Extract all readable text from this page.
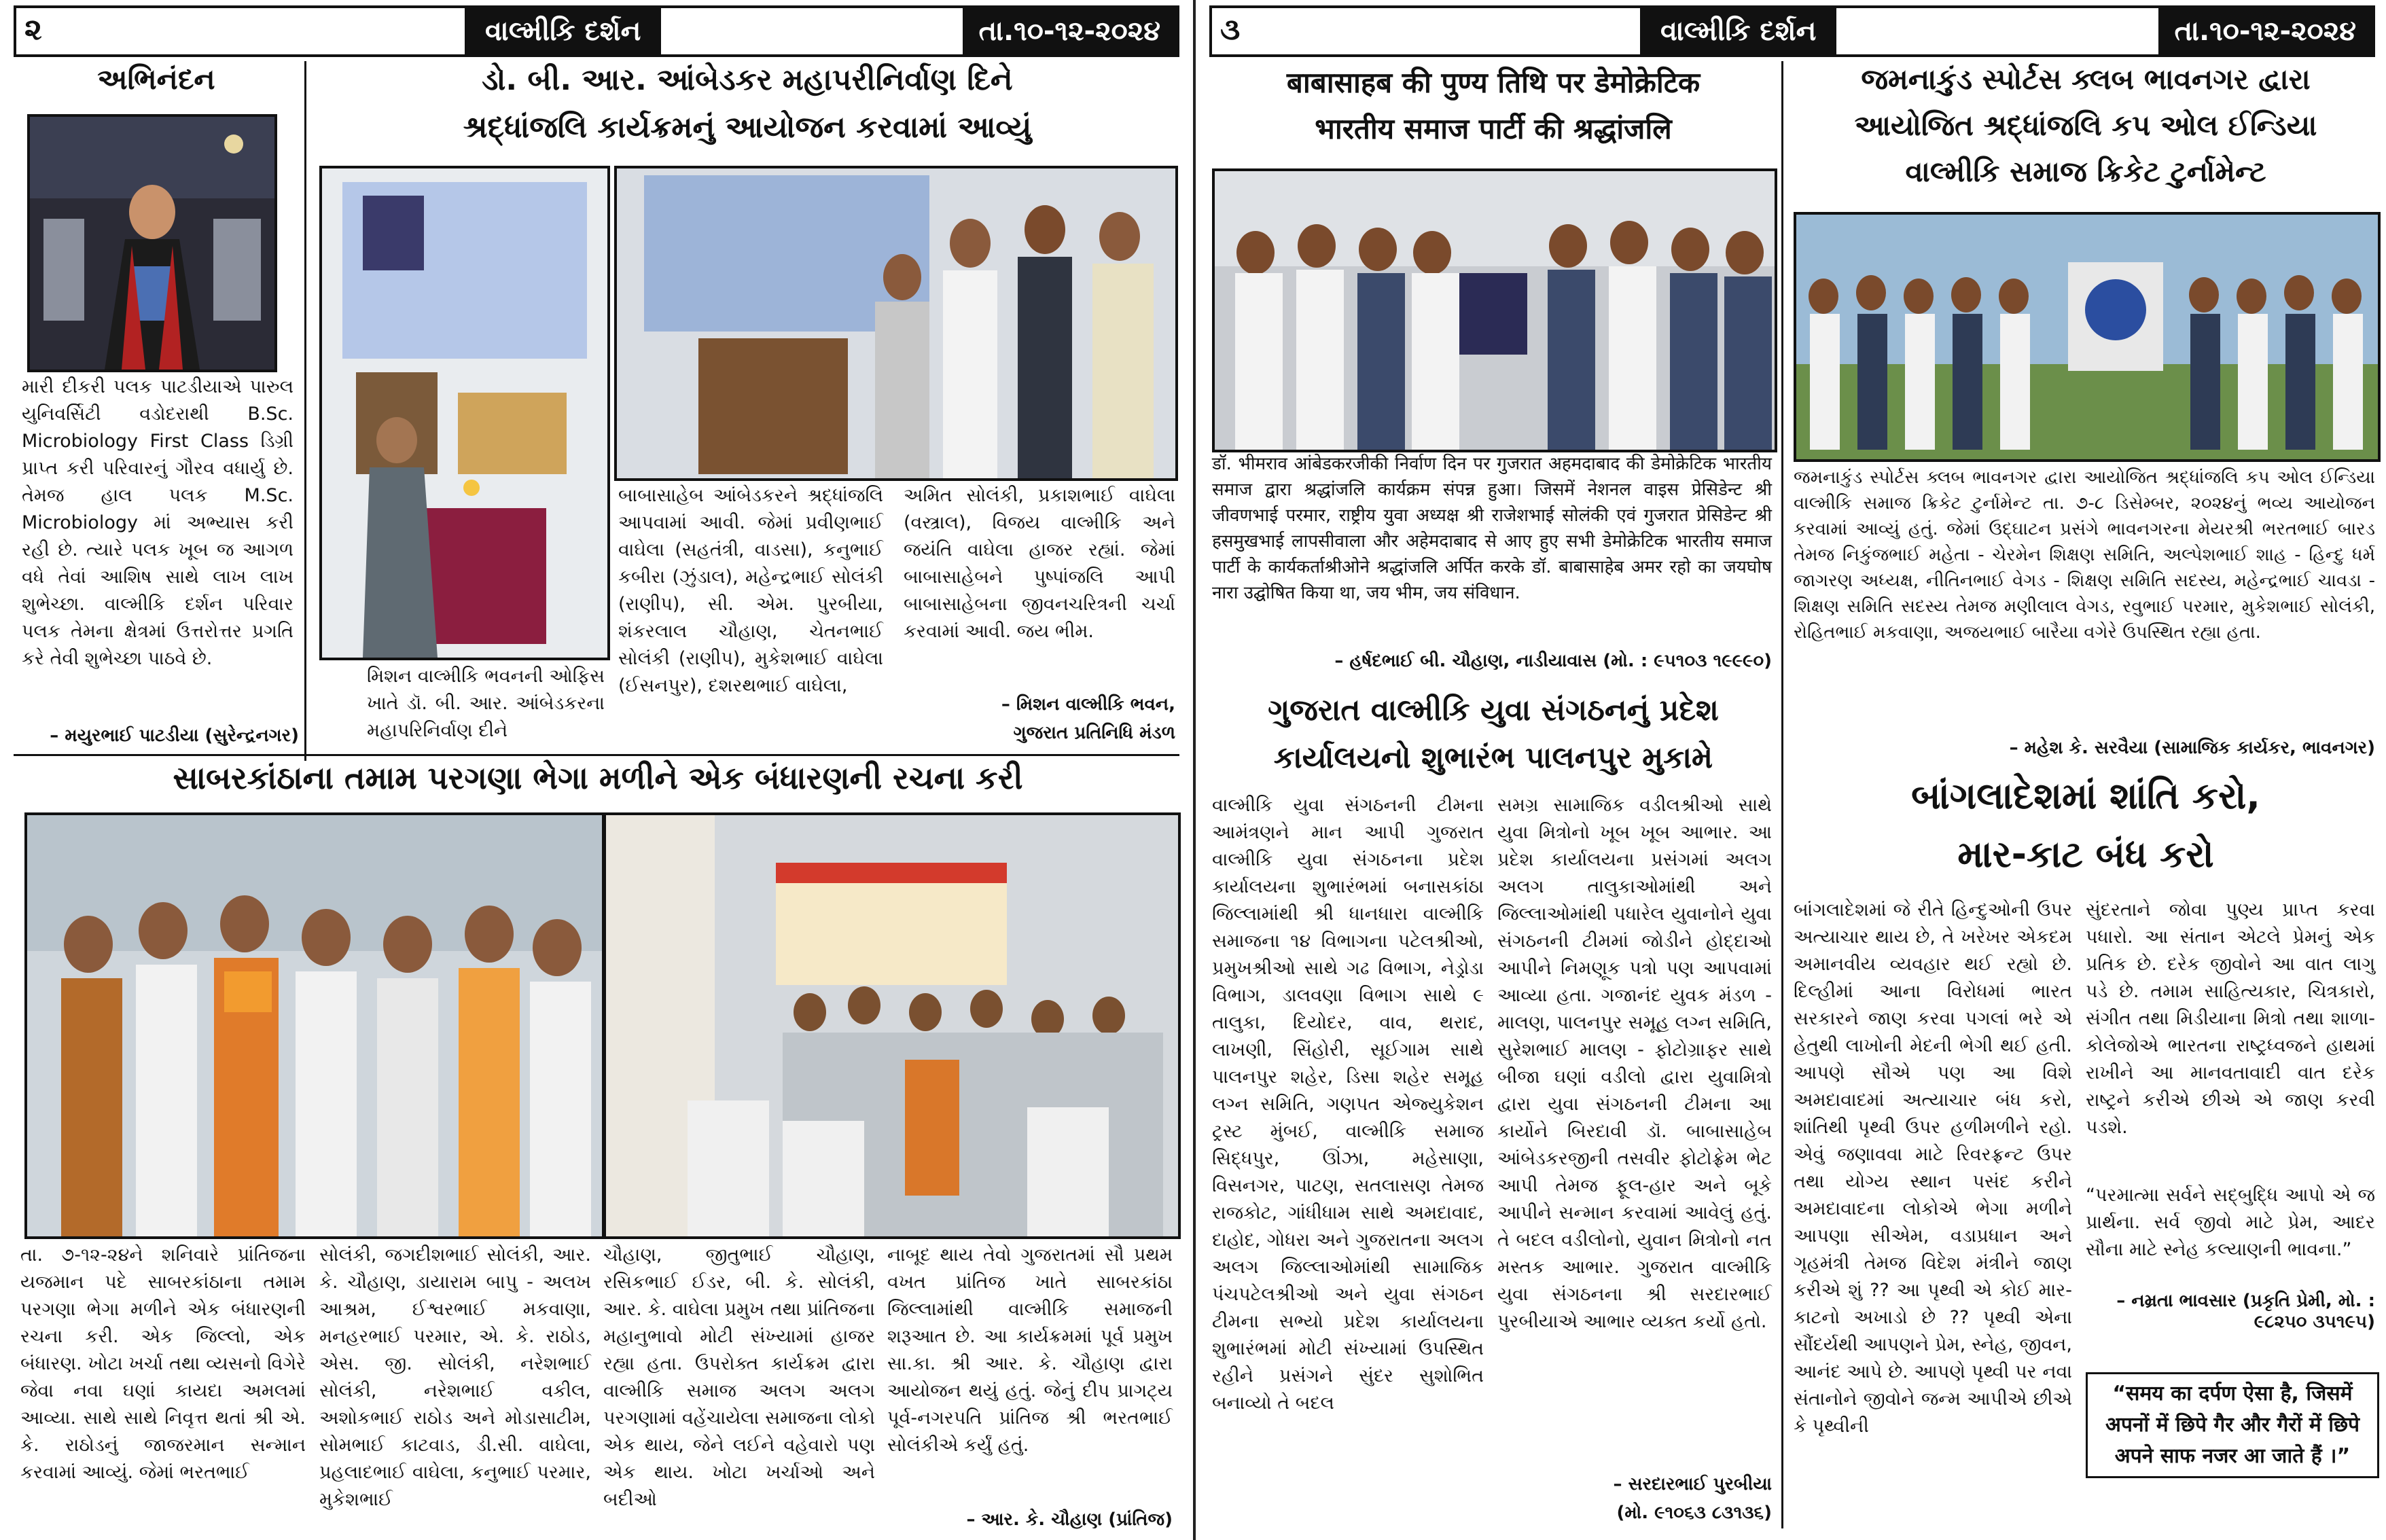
૨	વાલ્મીકિ દર્શન	તા.૧૦-૧૨-૨૦૨૪
અભિનંદન
મારી દીકરી પલક પાટડીયાએ પારુલ યુનિવર્સિટી વડોદરાથી B.Sc. Microbiology First Class ડિગ્રી પ્રાપ્ત કરી પરિવારનું ગૌરવ વધાર્યુ છે. તેમજ હાલ પલક M.Sc. Microbiology માં અભ્યાસ કરી રહી છે. ત્યારે પલક ખૂબ જ આગળ વધે તેવાં આશિષ સાથે લાખ લાખ શુભેચ્છા. વાલ્મીકિ દર્શન પરિવાર પલક તેમના ક્ષેત્રમાં ઉત્તરોત્તર પ્રગતિ કરે તેવી શુભેચ્છા પાઠવે છે.
– મયુરભાઈ પાટડીયા (સુરેન્દ્રનગર)
ડો. બી. આર. આંબેડકર મહાપરીનિર્વાણ દિને
શ્રદ્ધાંજલિ કાર્યક્રમનું આયોજન કરવામાં આવ્યું
મિશન વાલ્મીકિ ભવનની ઓફિસ ખાતે ડૉ. બી. આર. આંબેડકરના મહાપરિનિર્વાણ દીને
બાબાસાહેબ આંબેડકરને શ્રદ્ધાંજલિ આપવામાં આવી. જેમાં પ્રવીણભાઈ વાઘેલા (સહતંત્રી, વાડસા), કનુભાઈ કબીરા (ઝુંડાલ), મહેન્દ્રભાઈ સોલંકી (રાણીપ), સી. એમ. પુરબીયા, શંકરલાલ ચૌહાણ, ચેતનભાઈ સોલંકી (રાણીપ), મુકેશભાઈ વાઘેલા (ઈસનપુર), દશરથભાઈ વાઘેલા,
અમિત સોલંકી, પ્રકાશભાઈ વાઘેલા (વસ્ત્રાલ), વિજય વાલ્મીકિ અને જયંતિ વાઘેલા હાજર રહ્યાં. જેમાં બાબાસાહેબને પુષ્પાંજલિ આપી બાબાસાહેબના જીવનચરિત્રની ચર્ચા કરવામાં આવી. જય ભીમ.
– મિશન વાલ્મીકિ ભવન,
ગુજરાત પ્રતિનિધિ મંડળ
સાબરકાંઠાના તમામ પરગણા ભેગા મળીને એક બંધારણની રચના કરી
તા. ૭-૧૨-૨૪ને શનિવારે પ્રાંતિજના યજમાન પદે સાબરકાંઠાના તમામ પરગણા ભેગા મળીને એક બંધારણની રચના કરી. એક જિલ્લો, એક બંધારણ. ખોટા ખર્ચા તથા વ્યસનો વિગેરે જેવા નવા ઘણાં કાયદા અમલમાં આવ્યા. સાથે સાથે નિવૃત્ત થતાં શ્રી એ. કે. રાઠોડનું જાજરમાન સન્માન કરવામાં આવ્યું. જેમાં ભરતભાઈ
સોલંકી, જગદીશભાઈ સોલંકી, આર. કે. ચૌહાણ, ડાયારામ બાપુ - અલખ આશ્રમ, ઈશ્વરભાઈ મકવાણા, મનહરભાઈ પરમાર, એ. કે. રાઠોડ, એસ. જી. સોલંકી, નરેશભાઈ સોલંકી, નરેશભાઈ વકીલ, અશોકભાઈ રાઠોડ અને મોડાસાટીમ, સોમભાઈ કાટવાડ, ડી.સી. વાઘેલા, પ્રહલાદભાઈ વાઘેલા, કનુભાઈ પરમાર, મુકેશભાઈ
ચૌહાણ, જીતુભાઈ ચૌહાણ, રસિકભાઈ ઈડર, બી. કે. સોલંકી, આર. કે. વાઘેલા પ્રમુખ તથા પ્રાંતિજના મહાનુભાવો મોટી સંખ્યામાં હાજર રહ્યા હતા. ઉપરોક્ત કાર્યક્રમ દ્વારા વાલ્મીકિ સમાજ અલગ અલગ પરગણામાં વહેંચાયેલા સમાજના લોકો એક થાય, જેને લઈને વહેવારો પણ એક થાય. ખોટા ખર્ચાઓ અને બદીઓ
નાબૂદ થાય તેવો ગુજરાતમાં સૌ પ્રથમ વખત પ્રાંતિજ ખાતે સાબરકાંઠા જિલ્લામાંથી વાલ્મીકિ સમાજની શરૂઆત છે. આ કાર્યક્રમમાં પૂર્વ પ્રમુખ સા.કા. શ્રી આર. કે. ચૌહાણ દ્વારા આયોજન થયું હતું. જેનું દીપ પ્રાગટ્ય પૂર્વ-નગરપતિ પ્રાંતિજ શ્રી ભરતભાઈ સોલંકીએ કર્યું હતું.
– આર. કે. ચૌહાણ (પ્રાંતિજ)
૩	વાલ્મીકિ દર્શન	તા.૧૦-૧૨-૨૦૨૪
बाबासाहब की पुण्य तिथि पर डेमोक्रेटिक
भारतीय समाज पार्टी की श्रद्धांजलि
डॉ. भीमराव आंबेडकरजीकी निर्वाण दिन पर गुजरात अहमदाबाद की डेमोक्रेटिक भारतीय समाज द्वारा श्रद्धांजलि कार्यक्रम संपन्न हुआ। जिसमें नेशनल वाइस प्रेसिडेन्ट श्री जीवणभाई परमार, राष्ट्रीय युवा अध्यक्ष श्री राजेशभाई सोलंकी एवं गुजरात प्रेसिडेन्ट श्री हसमुखभाई लापसीवाला और अहेमदाबाद से आए हुए सभी डेमोक्रेटिक भारतीय समाज पार्टी के कार्यकर्ताश्रीओने श्रद्धांजलि अर्पित करके डॉ. बाबासाहेब अमर रहो का जयघोष नारा उद्घोषित किया था, जय भीम, जय संविधान.
– હર્ષદભાઈ બી. ચૌહાણ, નાડીયાવાસ (મો. : ૯૫૧૦૩ ૧૯૯૯૦)
જમનાકુંડ સ્પોર્ટસ ક્લબ ભાવનગર દ્વારા
આયોજિત શ્રદ્ધાંજલિ કપ ઓલ ઈન્ડિયા
વાલ્મીકિ સમાજ ક્રિકેટ ટુર્નામેન્ટ
જમનાકુંડ સ્પોર્ટસ ક્લબ ભાવનગર દ્વારા આયોજિત શ્રદ્ધાંજલિ કપ ઓલ ઈન્ડિયા વાલ્મીકિ સમાજ ક્રિકેટ ટુર્નામેન્ટ તા. ૭-૮ ડિસેમ્બર, ૨૦૨૪નું ભવ્ય આયોજન કરવામાં આવ્યું હતું. જેમાં ઉદ્‌ઘાટન પ્રસંગે ભાવનગરના મેયરશ્રી ભરતભાઈ બારડ તેમજ નિકુંજભાઈ મહેતા - ચેરમેન શિક્ષણ સમિતિ, અલ્પેશભાઈ શાહ - હિન્દુ ધર્મ જાગરણ અધ્યક્ષ, નીતિનભાઈ વેગડ - શિક્ષણ સમિતિ સદસ્ય, મહેન્દ્રભાઈ ચાવડા - શિક્ષણ સમિતિ સદસ્ય તેમજ મણીલાલ વેગડ, રવુભાઈ પરમાર, મુકેશભાઈ સોલંકી, રોહિતભાઈ મકવાણા, અજયભાઈ બારૈયા વગેરે ઉપસ્થિત રહ્યા હતા.
– મહેશ કે. સરવૈયા (સામાજિક કાર્યકર, ભાવનગર)
ગુજરાત વાલ્મીકિ યુવા સંગઠનનું પ્રદેશ
કાર્યાલયનો શુભારંભ પાલનપુર મુકામે
વાલ્મીકિ યુવા સંગઠનની ટીમના આમંત્રણને માન આપી ગુજરાત વાલ્મીકિ યુવા સંગઠનના પ્રદેશ કાર્યાલયના શુભારંભમાં બનાસકાંઠા જિલ્લામાંથી શ્રી ધાનધારા વાલ્મીકિ સમાજના ૧૪ વિભાગના પટેલશ્રીઓ, પ્રમુખશ્રીઓ સાથે ગઢ વિભાગ, નેડ્રોડા વિભાગ, ડાલવણા વિભાગ સાથે ૯ તાલુકા, દિયોદર, વાવ, થરાદ, લાખણી, સિંહોરી, સૂઈગામ સાથે પાલનપુર શહેર, ડિસા શહેર સમૂહ લગ્ન સમિતિ, ગણપત એજ્યુકેશન ટ્રસ્ટ મુંબઈ, વાલ્મીકિ સમાજ સિદ્ધપુર, ઊંઝા, મહેસાણા, વિસનગર, પાટણ, સતલાસણ તેમજ રાજકોટ, ગાંધીધામ સાથે અમદાવાદ, દાહોદ, ગોધરા અને ગુજરાતના અલગ અલગ જિલ્લાઓમાંથી સામાજિક પંચપટેલશ્રીઓ અને યુવા સંગઠન ટીમના સભ્યો પ્રદેશ કાર્યાલયના શુભારંભમાં મોટી સંખ્યામાં ઉપસ્થિત રહીને પ્રસંગને સુંદર સુશોભિત બનાવ્યો તે બદલ
સમગ્ર સામાજિક વડીલશ્રીઓ સાથે યુવા મિત્રોનો ખૂબ ખૂબ આભાર. આ પ્રદેશ કાર્યાલયના પ્રસંગમાં અલગ અલગ તાલુકાઓમાંથી અને જિલ્લાઓમાંથી પધારેલ યુવાનોને યુવા સંગઠનની ટીમમાં જોડીને હોદ્દાઓ આપીને નિમણૂક પત્રો પણ આપવામાં આવ્યા હતા. ગજાનંદ યુવક મંડળ - માલણ, પાલનપુર સમૂહ લગ્ન સમિતિ, સુરેશભાઈ માલણ - ફોટોગ્રાફર સાથે બીજા ઘણાં વડીલો દ્વારા યુવામિત્રો દ્વારા યુવા સંગઠનની ટીમના આ કાર્યોને બિરદાવી ડૉ. બાબાસાહેબ આંબેડકરજીની તસવીર ફોટોફ્રેમ ભેટ આપી તેમજ ફૂલ-હાર અને બૂકે આપીને સન્માન કરવામાં આવેલું હતું. તે બદલ વડીલોનો, યુવાન મિત્રોનો નત મસ્તક આભાર. ગુજરાત વાલ્મીકિ યુવા સંગઠનના શ્રી સરદારભાઈ પુરબીયાએ આભાર વ્યક્ત કર્યો હતો.
– સરદારભાઈ પુરબીયા
(મો. ૯૧૦૬૩ ૮૩૧૩૬)
બાંગલાદેશમાં શાંતિ કરો,
માર-કાટ બંધ કરો
બાંગલાદેશમાં જે રીતે હિન્દુઓની ઉપર અત્યાચાર થાય છે, તે ખરેખર એકદમ અમાનવીય વ્યવહાર થઈ રહ્યો છે. દિલ્હીમાં આના વિરોધમાં ભારત સરકારને જાણ કરવા પગલાં ભરે એ હેતુથી લાખોની મેદની ભેગી થઈ હતી. આપણે સૌએ પણ આ વિશે અમદાવાદમાં અત્યાચાર બંધ કરો, શાંતિથી પૃથ્વી ઉપર હળીમળીને રહો. એવું જણાવવા માટે રિવરફ્રન્ટ ઉપર તથા યોગ્ય સ્થાન પસંદ કરીને અમદાવાદના લોકોએ ભેગા મળીને આપણા સીએમ, વડાપ્રધાન અને ગૃહમંત્રી તેમજ વિદેશ મંત્રીને જાણ કરીએ શું ?? આ પૃથ્વી એ કોઈ માર-કાટનો અખાડો છે ?? પૃથ્વી એના સૌંદર્યથી આપણને પ્રેમ, સ્નેહ, જીવન, આનંદ આપે છે. આપણે પૃથ્વી પર નવા સંતાનોને જીવોને જન્મ આપીએ છીએ કે પૃથ્વીની
સુંદરતાને જોવા પુણ્ય પ્રાપ્ત કરવા પધારો. આ સંતાન એટલે પ્રેમનું એક પ્રતિક છે. દરેક જીવોને આ વાત લાગુ પડે છે. તમામ સાહિત્યકાર, ચિત્રકારો, સંગીત તથા મિડીયાના મિત્રો તથા શાળા-કોલેજોએ ભારતના રાષ્ટ્રધ્વજને હાથમાં રાખીને આ માનવતાવાદી વાત દરેક રાષ્ટ્રને કરીએ છીએ એ જાણ કરવી પડશે.
“પરમાત્મા સર્વને સદ્‌બુદ્ધિ આપો એ જ પ્રાર્થના. સર્વ જીવો માટે પ્રેમ, આદર સૌના માટે સ્નેહ કલ્યાણની ભાવના.”
– નમ્રતા ભાવસાર (પ્રકૃતિ પ્રેમી, મો. : ૯૮૨૫૦ ૩૫૧૯૫)
“समय का दर्पण ऐसा है, जिसमें अपनों में छिपे गैर और गैरों में छिपे अपने साफ नजर आ जाते हैं ।”
